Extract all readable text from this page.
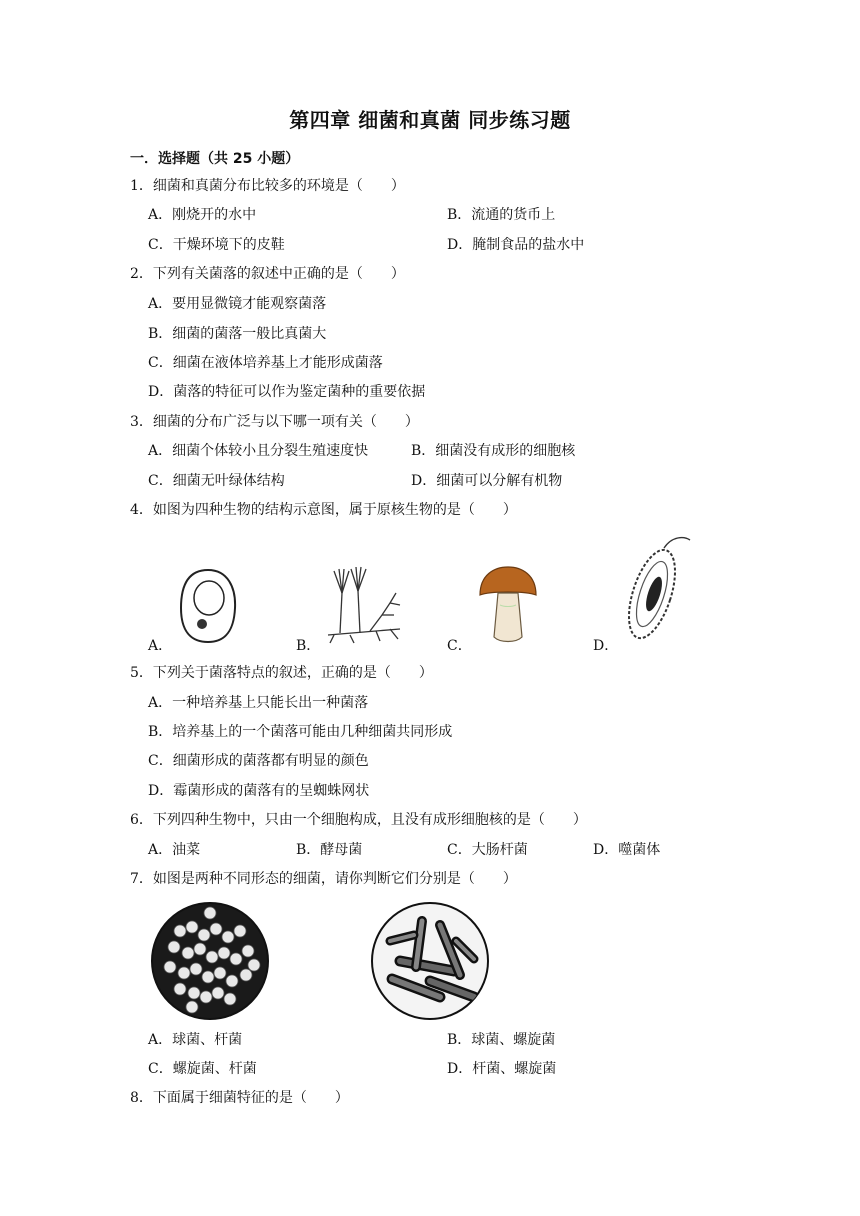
第四章 细菌和真菌 同步练习题
一．选择题（共 25 小题）
1．细菌和真菌分布比较多的环境是（　　）
A．刚烧开的水中	B．流通的货币上
C．干燥环境下的皮鞋	D．腌制食品的盐水中
2．下列有关菌落的叙述中正确的是（　　）
A．要用显微镜才能观察菌落
B．细菌的菌落一般比真菌大
C．细菌在液体培养基上才能形成菌落
D．菌落的特征可以作为鉴定菌种的重要依据
3．细菌的分布广泛与以下哪一项有关（　　）
A．细菌个体较小且分裂生殖速度快	B．细菌没有成形的细胞核
C．细菌无叶绿体结构	D．细菌可以分解有机物
4．如图为四种生物的结构示意图，属于原核生物的是（　　）
A．	B．	C．	D．
5．下列关于菌落特点的叙述，正确的是（　　）
A．一种培养基上只能长出一种菌落
B．培养基上的一个菌落可能由几种细菌共同形成
C．细菌形成的菌落都有明显的颜色
D．霉菌形成的菌落有的呈蜘蛛网状
6．下列四种生物中，只由一个细胞构成，且没有成形细胞核的是（　　）
A．油菜	B．酵母菌	C．大肠杆菌	D．噬菌体
7．如图是两种不同形态的细菌，请你判断它们分别是（　　）
A．球菌、杆菌	B．球菌、螺旋菌
C．螺旋菌、杆菌	D．杆菌、螺旋菌
8．下面属于细菌特征的是（　　）
